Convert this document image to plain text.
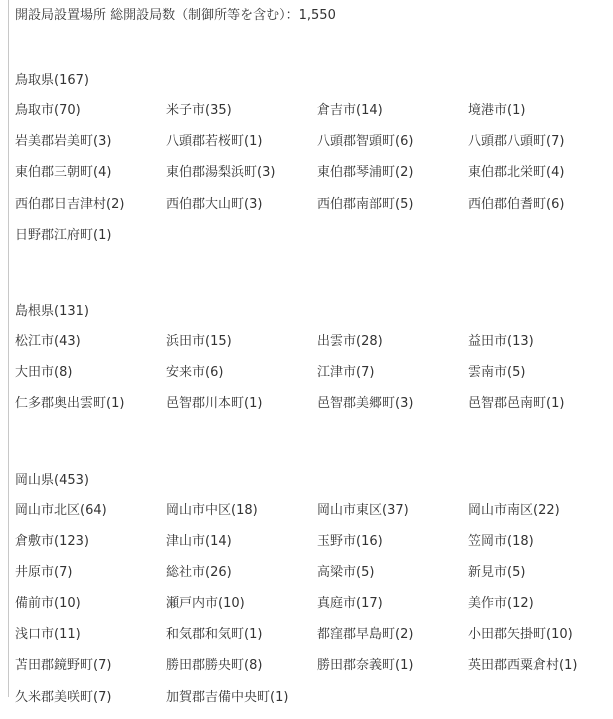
開設局設置場所 総開設局数（制御所等を含む）：1,550
鳥取県(167)
鳥取市(70)	米子市(35)	倉吉市(14)	境港市(1)
岩美郡岩美町(3)	八頭郡若桜町(1)	八頭郡智頭町(6)	八頭郡八頭町(7)
東伯郡三朝町(4)	東伯郡湯梨浜町(3)	東伯郡琴浦町(2)	東伯郡北栄町(4)
西伯郡日吉津村(2)	西伯郡大山町(3)	西伯郡南部町(5)	西伯郡伯耆町(6)
日野郡江府町(1)
島根県(131)
松江市(43)	浜田市(15)	出雲市(28)	益田市(13)
大田市(8)	安来市(6)	江津市(7)	雲南市(5)
仁多郡奥出雲町(1)	邑智郡川本町(1)	邑智郡美郷町(3)	邑智郡邑南町(1)
岡山県(453)
岡山市北区(64)	岡山市中区(18)	岡山市東区(37)	岡山市南区(22)
倉敷市(123)	津山市(14)	玉野市(16)	笠岡市(18)
井原市(7)	総社市(26)	高梁市(5)	新見市(5)
備前市(10)	瀬戸内市(10)	真庭市(17)	美作市(12)
浅口市(11)	和気郡和気町(1)	都窪郡早島町(2)	小田郡矢掛町(10)
苫田郡鏡野町(7)	勝田郡勝央町(8)	勝田郡奈義町(1)	英田郡西粟倉村(1)
久米郡美咲町(7)	加賀郡吉備中央町(1)
